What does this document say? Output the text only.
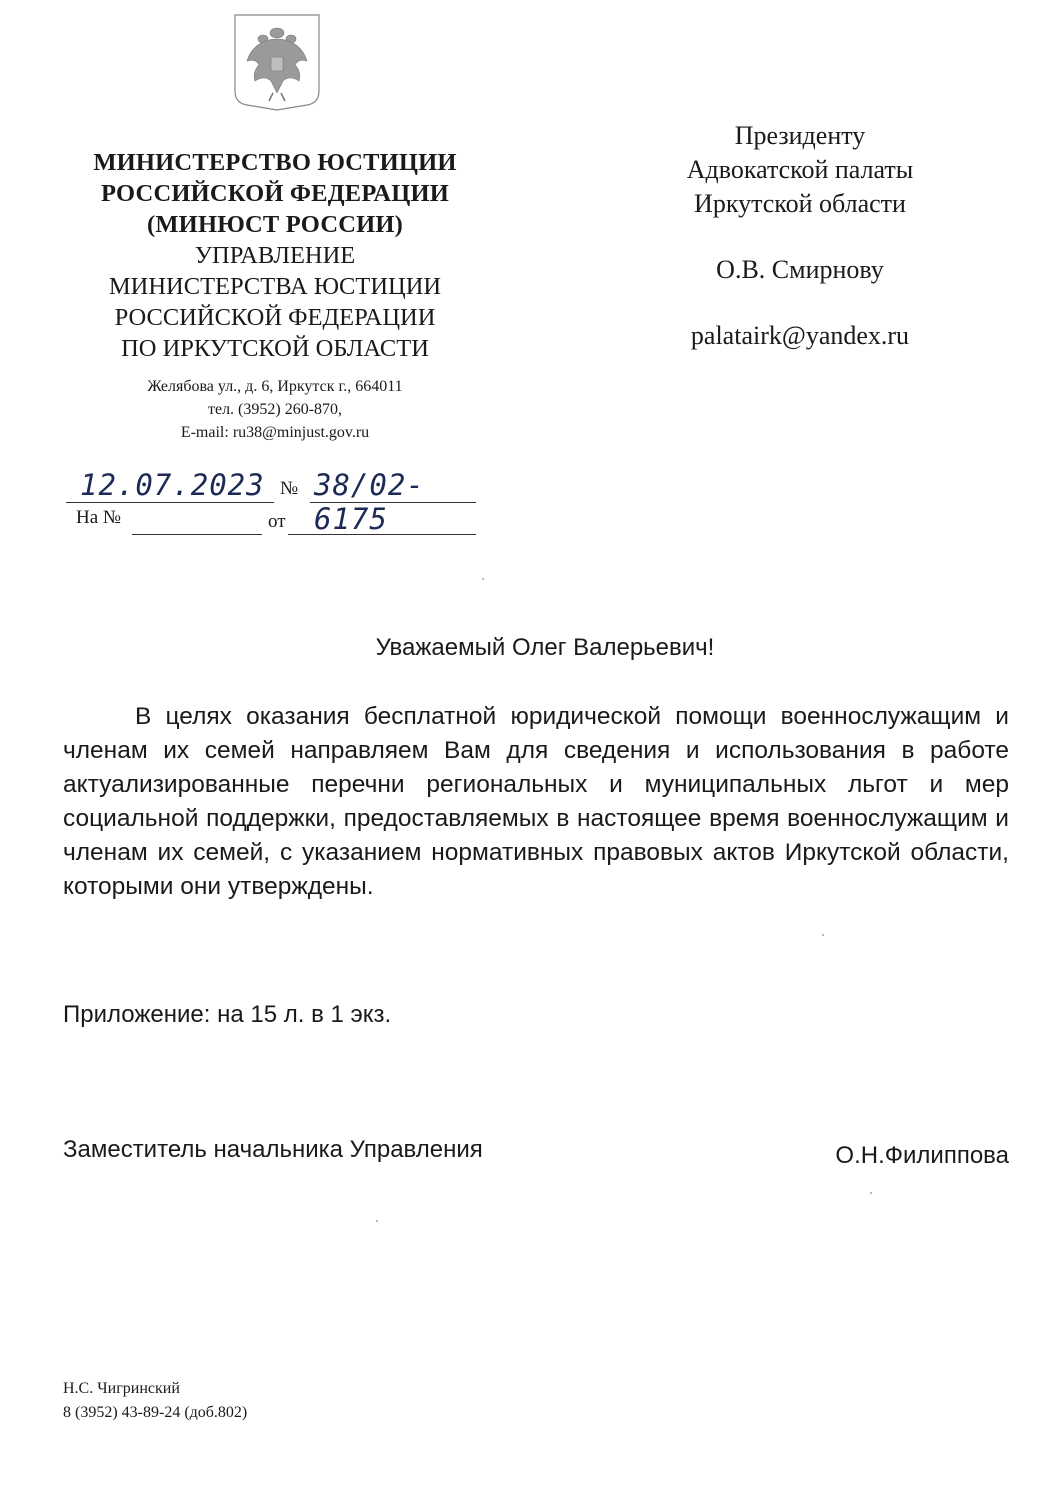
МИНИСТЕРСТВО ЮСТИЦИИ
РОССИЙСКОЙ ФЕДЕРАЦИИ
(МИНЮСТ РОССИИ)
УПРАВЛЕНИЕ
МИНИСТЕРСТВА ЮСТИЦИИ
РОССИЙСКОЙ ФЕДЕРАЦИИ
ПО ИРКУТСКОЙ ОБЛАСТИ
Желябова ул., д. 6, Иркутск г., 664011
тел. (3952) 260-870,
E-mail: ru38@minjust.gov.ru
12.07.2023 № 38/02-6175
На №	от
Президенту
Адвокатской палаты
Иркутской области
О.В. Смирнову
palatairk@yandex.ru
Уважаемый Олег Валерьевич!
В целях оказания бесплатной юридической помощи военнослужащим и членам их семей направляем Вам для сведения и использования в работе актуализированные перечни региональных и муниципальных льгот и мер социальной поддержки, предоставляемых в настоящее время военнослужащим и членам их семей, с указанием нормативных правовых актов Иркутской области, которыми они утверждены.
Приложение: на 15 л. в 1 экз.
Заместитель начальника Управления	О.Н.Филиппова
Н.С. Чигринский
8 (3952) 43-89-24 (доб.802)
